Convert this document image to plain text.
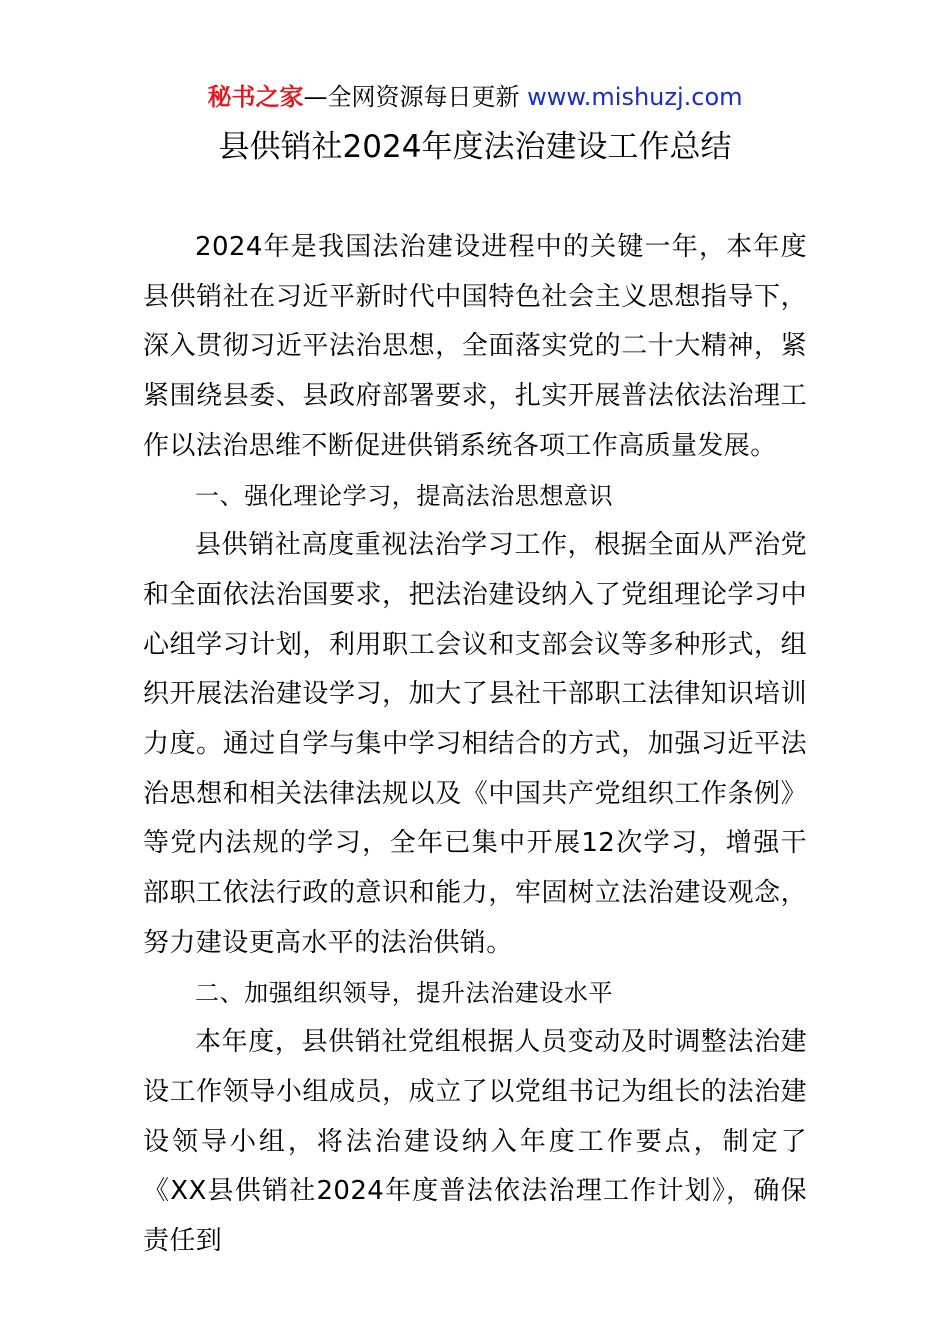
秘书之家—全网资源每日更新 www.mishuzj.com
县供销社2024年度法治建设工作总结

2024年是我国法治建设进程中的关键一年，本年度县供销社在习近平新时代中国特色社会主义思想指导下，深入贯彻习近平法治思想，全面落实党的二十大精神，紧紧围绕县委、县政府部署要求，扎实开展普法依法治理工作以法治思维不断促进供销系统各项工作高质量发展。

一、强化理论学习，提高法治思想意识

县供销社高度重视法治学习工作，根据全面从严治党和全面依法治国要求，把法治建设纳入了党组理论学习中心组学习计划，利用职工会议和支部会议等多种形式，组织开展法治建设学习，加大了县社干部职工法律知识培训力度。通过自学与集中学习相结合的方式，加强习近平法治思想和相关法律法规以及《中国共产党组织工作条例》等党内法规的学习，全年已集中开展12次学习，增强干部职工依法行政的意识和能力，牢固树立法治建设观念，努力建设更高水平的法治供销。

二、加强组织领导，提升法治建设水平

本年度，县供销社党组根据人员变动及时调整法治建设工作领导小组成员，成立了以党组书记为组长的法治建设领导小组，将法治建设纳入年度工作要点，制定了《XX县供销社2024年度普法依法治理工作计划》，确保责任到
